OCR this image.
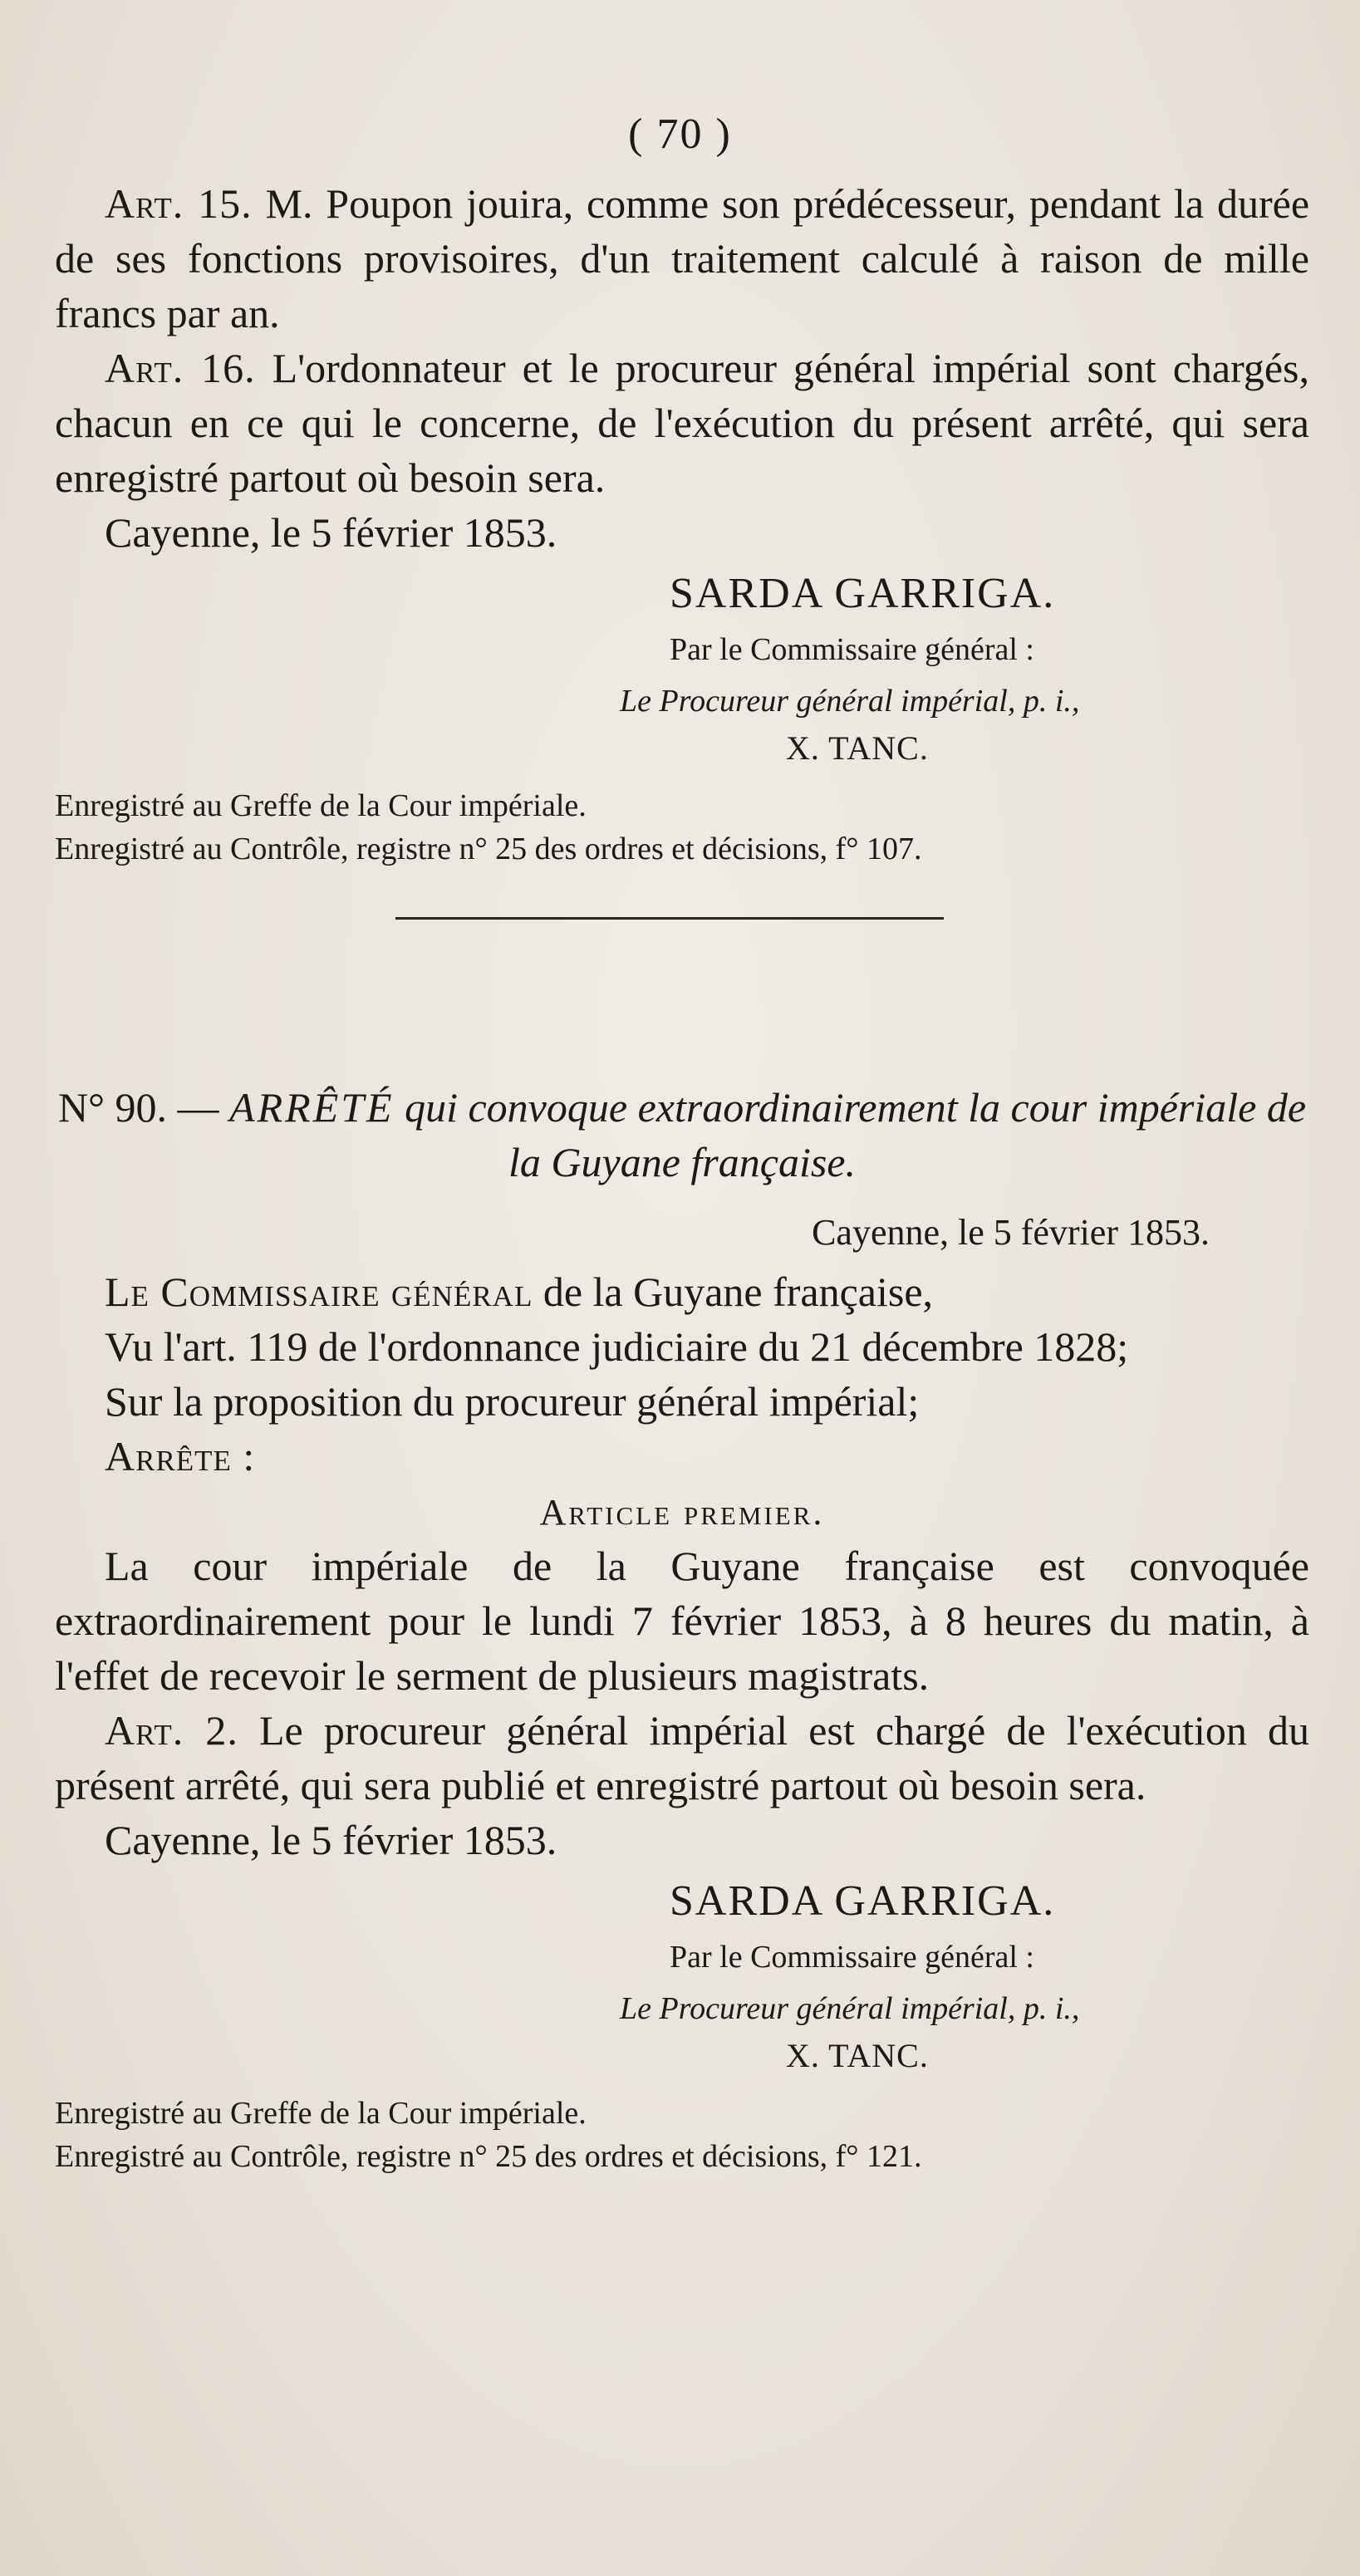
( 70 )

Art. 15. M. Poupon jouira, comme son prédécesseur, pendant la durée de ses fonctions provisoires, d'un traitement calculé à raison de mille francs par an.

Art. 16. L'ordonnateur et le procureur général impérial sont chargés, chacun en ce qui le concerne, de l'exécution du présent arrêté, qui sera enregistré partout où besoin sera.

Cayenne, le 5 février 1853.

SARDA GARRIGA.
Par le Commissaire général :
Le Procureur général impérial, p. i.,
X. TANC.
Enregistré au Greffe de la Cour impériale.
Enregistré au Contrôle, registre n° 25 des ordres et décisions, f° 107.
N° 90. — ARRÊTÉ qui convoque extraordinairement la cour impériale de la Guyane française.
Cayenne, le 5 février 1853.

Le Commissaire général de la Guyane française,

Vu l'art. 119 de l'ordonnance judiciaire du 21 décembre 1828;

Sur la proposition du procureur général impérial;

Arrête :

Article premier.

La cour impériale de la Guyane française est convoquée extraordinairement pour le lundi 7 février 1853, à 8 heures du matin, à l'effet de recevoir le serment de plusieurs magistrats.

Art. 2. Le procureur général impérial est chargé de l'exécution du présent arrêté, qui sera publié et enregistré partout où besoin sera.

Cayenne, le 5 février 1853.

SARDA GARRIGA.
Par le Commissaire général :
Le Procureur général impérial, p. i.,
X. TANC.
Enregistré au Greffe de la Cour impériale.
Enregistré au Contrôle, registre n° 25 des ordres et décisions, f° 121.
